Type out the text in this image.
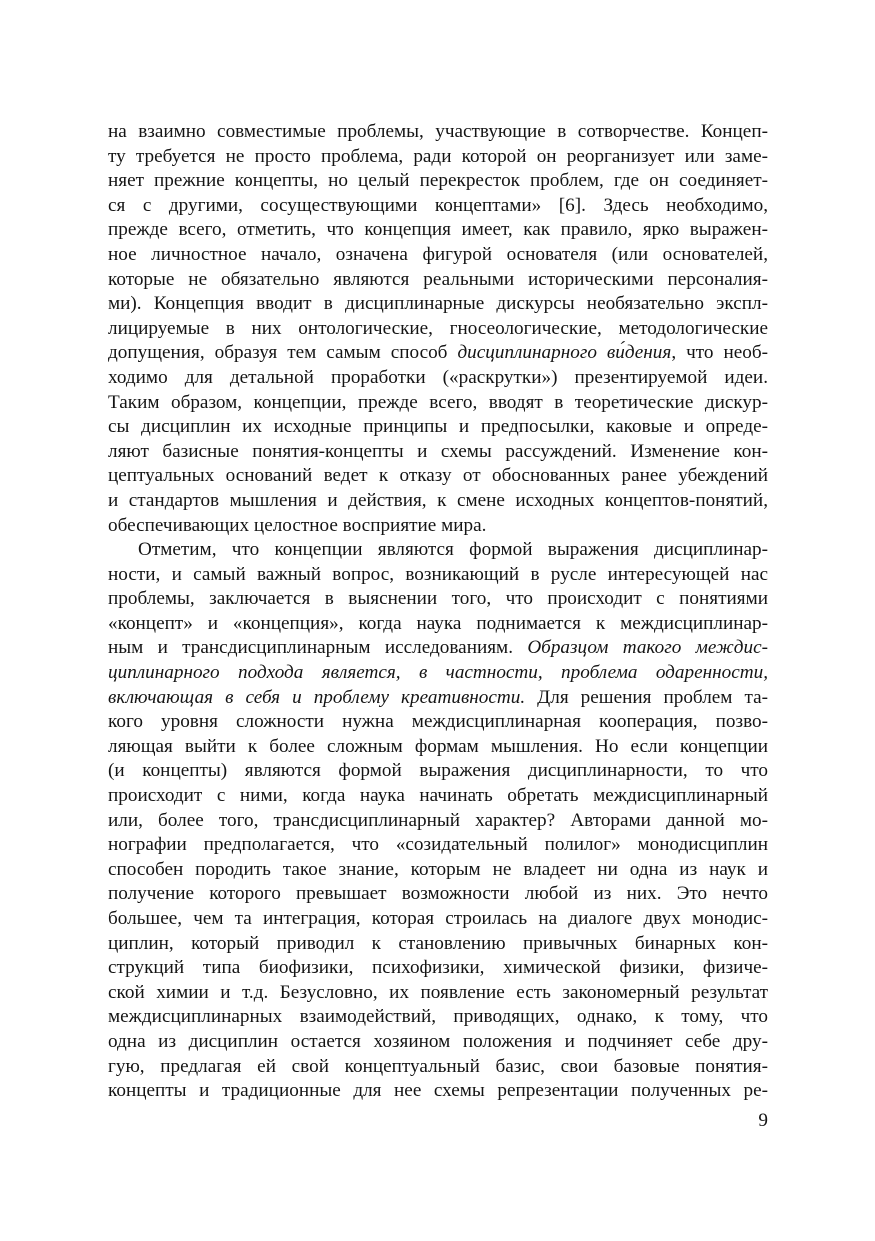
на взаимно совместимые проблемы, участвующие в сотворчестве. Концеп-
ту требуется не просто проблема, ради которой он реорганизует или заме-
няет прежние концепты, но целый перекресток проблем, где он соединяет-
ся с другими, сосуществующими концептами» [6]. Здесь необходимо,
прежде всего, отметить, что концепция имеет, как правило, ярко выражен-
ное личностное начало, означена фигурой основателя (или основателей,
которые не обязательно являются реальными историческими персоналия-
ми). Концепция вводит в дисциплинарные дискурсы необязательно экспл-
лицируемые в них онтологические, гносеологические, методологические
допущения, образуя тем самым способ дисциплинарного ви́дения, что необ-
ходимо для детальной проработки («раскрутки») презентируемой идеи.
Таким образом, концепции, прежде всего, вводят в теоретические дискур-
сы дисциплин их исходные принципы и предпосылки, каковые и опреде-
ляют базисные понятия-концепты и схемы рассуждений. Изменение кон-
цептуальных оснований ведет к отказу от обоснованных ранее убеждений
и стандартов мышления и действия, к смене исходных концептов-понятий,
обеспечивающих целостное восприятие мира.
Отметим, что концепции являются формой выражения дисциплинар-
ности, и самый важный вопрос, возникающий в русле интересующей нас
проблемы, заключается в выяснении того, что происходит с понятиями
«концепт» и «концепция», когда наука поднимается к междисциплинар-
ным и трансдисциплинарным исследованиям. Образцом такого междис-
циплинарного подхода является, в частности, проблема одаренности,
включающая в себя и проблему креативности. Для решения проблем та-
кого уровня сложности нужна междисциплинарная кооперация, позво-
ляющая выйти к более сложным формам мышления. Но если концепции
(и концепты) являются формой выражения дисциплинарности, то что
происходит с ними, когда наука начинать обретать междисциплинарный
или, более того, трансдисциплинарный характер? Авторами данной мо-
нографии предполагается, что «созидательный полилог» монодисциплин
способен породить такое знание, которым не владеет ни одна из наук и
получение которого превышает возможности любой из них. Это нечто
большее, чем та интеграция, которая строилась на диалоге двух монодис-
циплин, который приводил к становлению привычных бинарных кон-
струкций типа биофизики, психофизики, химической физики, физиче-
ской химии и т.д. Безусловно, их появление есть закономерный результат
междисциплинарных взаимодействий, приводящих, однако, к тому, что
одна из дисциплин остается хозяином положения и подчиняет себе дру-
гую, предлагая ей свой концептуальный базис, свои базовые понятия-
концепты и традиционные для нее схемы репрезентации полученных ре-
9
